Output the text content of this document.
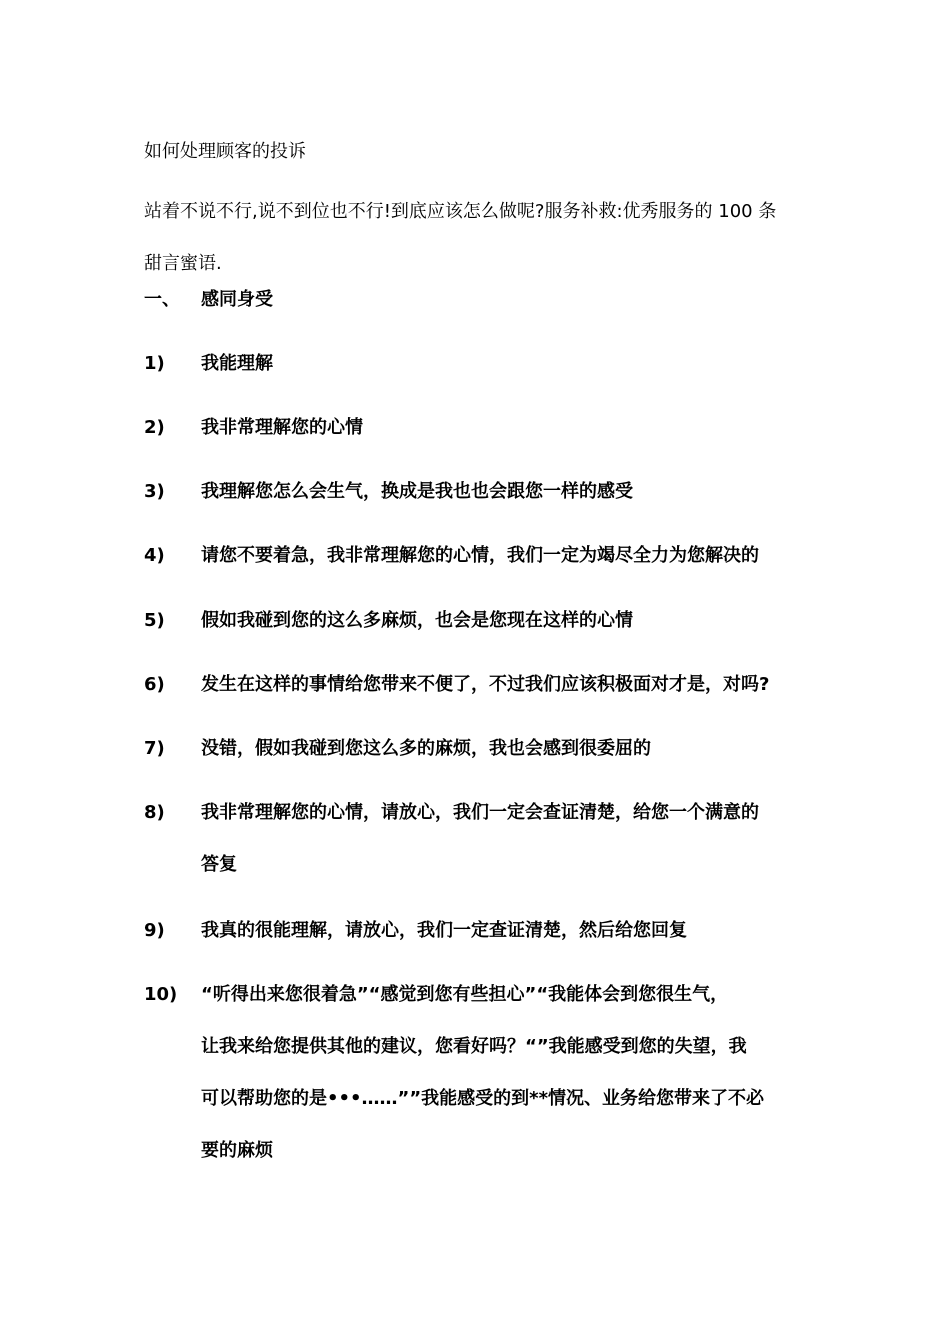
如何处理顾客的投诉
站着不说不行,说不到位也不行!到底应该怎么做呢?服务补救:优秀服务的 100 条
甜言蜜语.
一、 感同身受
1) 我能理解
2) 我非常理解您的心情
3) 我理解您怎么会生气，换成是我也也会跟您一样的感受
4) 请您不要着急，我非常理解您的心情，我们一定为竭尽全力为您解决的
5) 假如我碰到您的这么多麻烦，也会是您现在这样的心情
6) 发生在这样的事情给您带来不便了，不过我们应该积极面对才是，对吗?
7) 没错，假如我碰到您这么多的麻烦，我也会感到很委屈的
8) 我非常理解您的心情，请放心，我们一定会查证清楚，给您一个满意的
答复
9) 我真的很能理解，请放心，我们一定查证清楚，然后给您回复
10) “听得出来您很着急”“感觉到您有些担心”“我能体会到您很生气，
让我来给您提供其他的建议，您看好吗？“”我能感受到您的失望，我
可以帮助您的是•••……””我能感受的到**情况、业务给您带来了不必
要的麻烦
